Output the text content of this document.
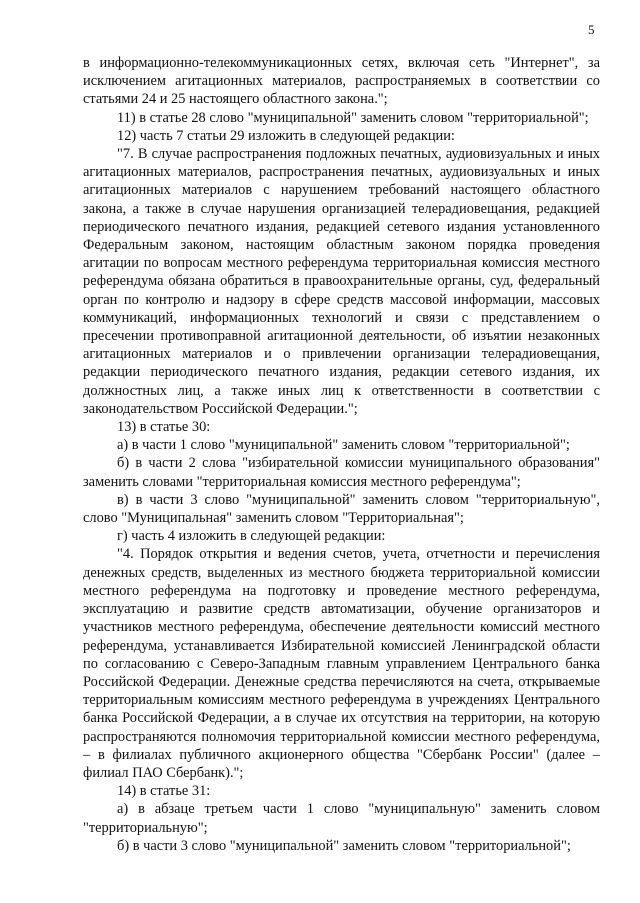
5

в информационно-телекоммуникационных сетях, включая сеть "Интернет", за исключением агитационных материалов, распространяемых в соответствии со статьями 24 и 25 настоящего областного закона.";

11) в статье 28 слово "муниципальной" заменить словом "территориальной";

12) часть 7 статьи 29 изложить в следующей редакции:

"7. В случае распространения подложных печатных, аудиовизуальных и иных агитационных материалов, распространения печатных, аудиовизуальных и иных агитационных материалов с нарушением требований настоящего областного закона, а также в случае нарушения организацией телерадиовещания, редакцией периодического печатного издания, редакцией сетевого издания установленного Федеральным законом, настоящим областным законом порядка проведения агитации по вопросам местного референдума территориальная комиссия местного референдума обязана обратиться в правоохранительные органы, суд, федеральный орган по контролю и надзору в сфере средств массовой информации, массовых коммуникаций, информационных технологий и связи с представлением о пресечении противоправной агитационной деятельности, об изъятии незаконных агитационных материалов и о привлечении организации телерадиовещания, редакции периодического печатного издания, редакции сетевого издания, их должностных лиц, а также иных лиц к ответственности в соответствии с законодательством Российской Федерации.";

13) в статье 30:

а) в части 1 слово "муниципальной" заменить словом "территориальной";

б) в части 2 слова "избирательной комиссии муниципального образования" заменить словами "территориальная комиссия местного референдума";

в) в части 3 слово "муниципальной" заменить словом "территориальную", слово "Муниципальная" заменить словом "Территориальная";

г) часть 4 изложить в следующей редакции:

"4. Порядок открытия и ведения счетов, учета, отчетности и перечисления денежных средств, выделенных из местного бюджета территориальной комиссии местного референдума на подготовку и проведение местного референдума, эксплуатацию и развитие средств автоматизации, обучение организаторов и участников местного референдума, обеспечение деятельности комиссий местного референдума, устанавливается Избирательной комиссией Ленинградской области по согласованию с Северо-Западным главным управлением Центрального банка Российской Федерации. Денежные средства перечисляются на счета, открываемые территориальным комиссиям местного референдума в учреждениях Центрального банка Российской Федерации, а в случае их отсутствия на территории, на которую распространяются полномочия территориальной комиссии местного референдума, – в филиалах публичного акционерного общества "Сбербанк России" (далее – филиал ПАО Сбербанк).";

14) в статье 31:

а) в абзаце третьем части 1 слово "муниципальную" заменить словом "территориальную";

б) в части 3 слово "муниципальной" заменить словом "территориальной";
